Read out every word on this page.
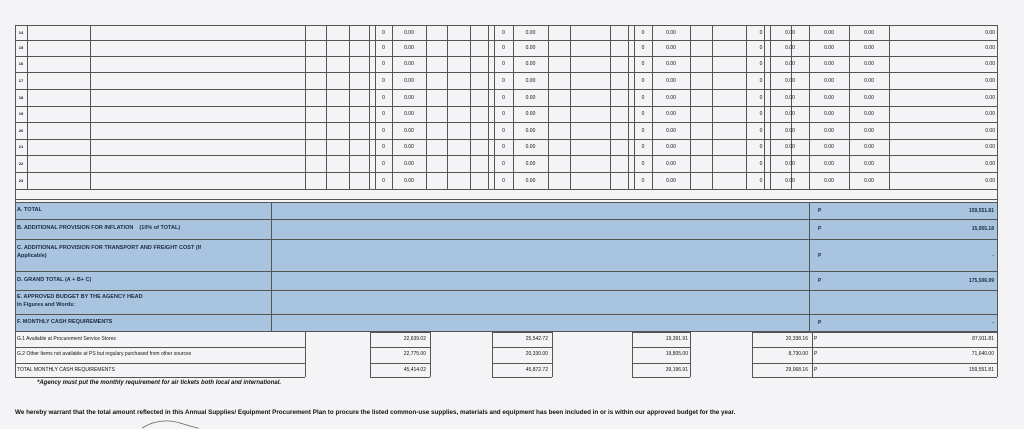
14	0	0.00	0	0.00	0	0.00	0	0.00	0.00	0.00	0.00
15	0	0.00	0	0.00	0	0.00	0	0.00	0.00	0.00	0.00
16	0	0.00	0	0.00	0	0.00	0	0.00	0.00	0.00	0.00
17	0	0.00	0	0.00	0	0.00	0	0.00	0.00	0.00	0.00
18	0	0.00	0	0.00	0	0.00	0	0.00	0.00	0.00	0.00
19	0	0.00	0	0.00	0	0.00	0	0.00	0.00	0.00	0.00
20	0	0.00	0	0.00	0	0.00	0	0.00	0.00	0.00	0.00
21	0	0.00	0	0.00	0	0.00	0	0.00	0.00	0.00	0.00
22	0	0.00	0	0.00	0	0.00	0	0.00	0.00	0.00	0.00
23	0	0.00	0	0.00	0	0.00	0	0.00	0.00	0.00	0.00
A. TOTAL	P	159,551.81
B. ADDITIONAL PROVISION FOR INFLATION    (10% of TOTAL)	P	15,955.18
C. ADDITIONAL PROVISION FOR TRANSPORT AND FREIGHT COST (If
Applicable)	P	-
D. GRAND TOTAL (A + B+ C)	P	175,506.99
E. APPROVED BUDGET BY THE AGENCY HEAD
In Figures and Words:
F. MONTHLY CASH REQUIREMENTS	P	-
G.1 Available at Procurement Service Stores	22,639.02	25,542.72	19,391.91	20,338.16 P	87,911.81
G.2 Other Items not available at PS but regulary purchased from other sources	22,775.00	20,330.00	19,805.00	8,730.00 P	71,640.00
TOTAL MONTHLY CASH REQUIREMENTS	45,414.02	45,872.72	39,196.91	29,068.16 P	159,551.81
*Agency must put the monthly requirement for air tickets both local and international.
We hereby warrant that the total amount reflected in this Annual Supplies/ Equipment Procurement Plan to procure the listed common-use supplies, materials and equipment has been included in or is within our approved budget for the year.
